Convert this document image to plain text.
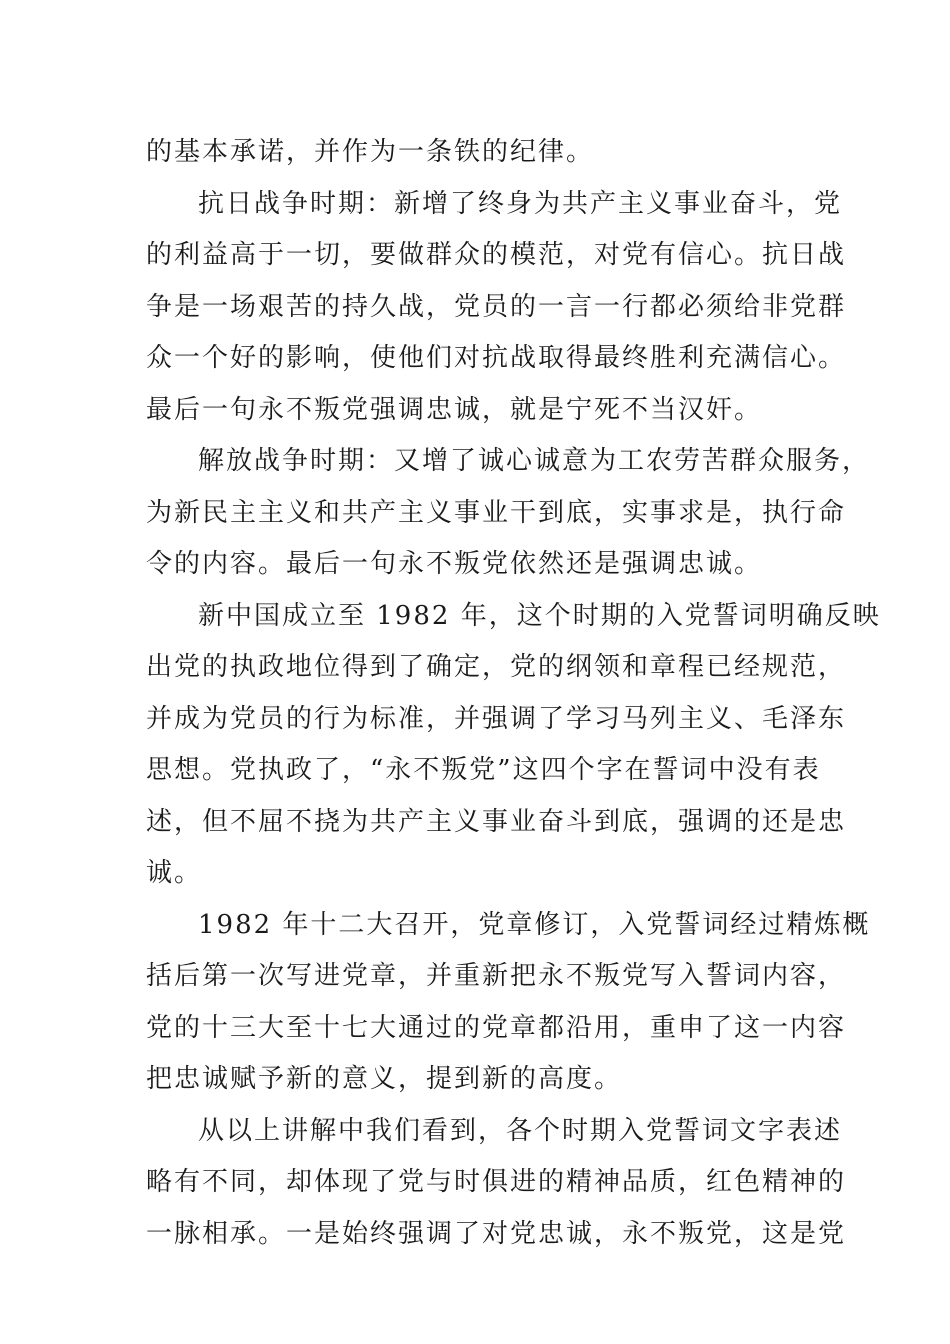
的基本承诺，并作为一条铁的纪律。
抗日战争时期：新增了终身为共产主义事业奋斗，党
的利益高于一切，要做群众的模范，对党有信心。抗日战
争是一场艰苦的持久战，党员的一言一行都必须给非党群
众一个好的影响，使他们对抗战取得最终胜利充满信心。
最后一句永不叛党强调忠诚，就是宁死不当汉奸。
解放战争时期：又增了诚心诚意为工农劳苦群众服务，
为新民主主义和共产主义事业干到底，实事求是，执行命
令的内容。最后一句永不叛党依然还是强调忠诚。
新中国成立至 1982 年，这个时期的入党誓词明确反映
出党的执政地位得到了确定，党的纲领和章程已经规范，
并成为党员的行为标准，并强调了学习马列主义、毛泽东
思想。党执政了，“永不叛党”这四个字在誓词中没有表
述，但不屈不挠为共产主义事业奋斗到底，强调的还是忠
诚。
1982 年十二大召开，党章修订，入党誓词经过精炼概
括后第一次写进党章，并重新把永不叛党写入誓词内容，
党的十三大至十七大通过的党章都沿用，重申了这一内容
把忠诚赋予新的意义，提到新的高度。
从以上讲解中我们看到，各个时期入党誓词文字表述
略有不同，却体现了党与时俱进的精神品质，红色精神的
一脉相承。一是始终强调了对党忠诚，永不叛党，这是党
